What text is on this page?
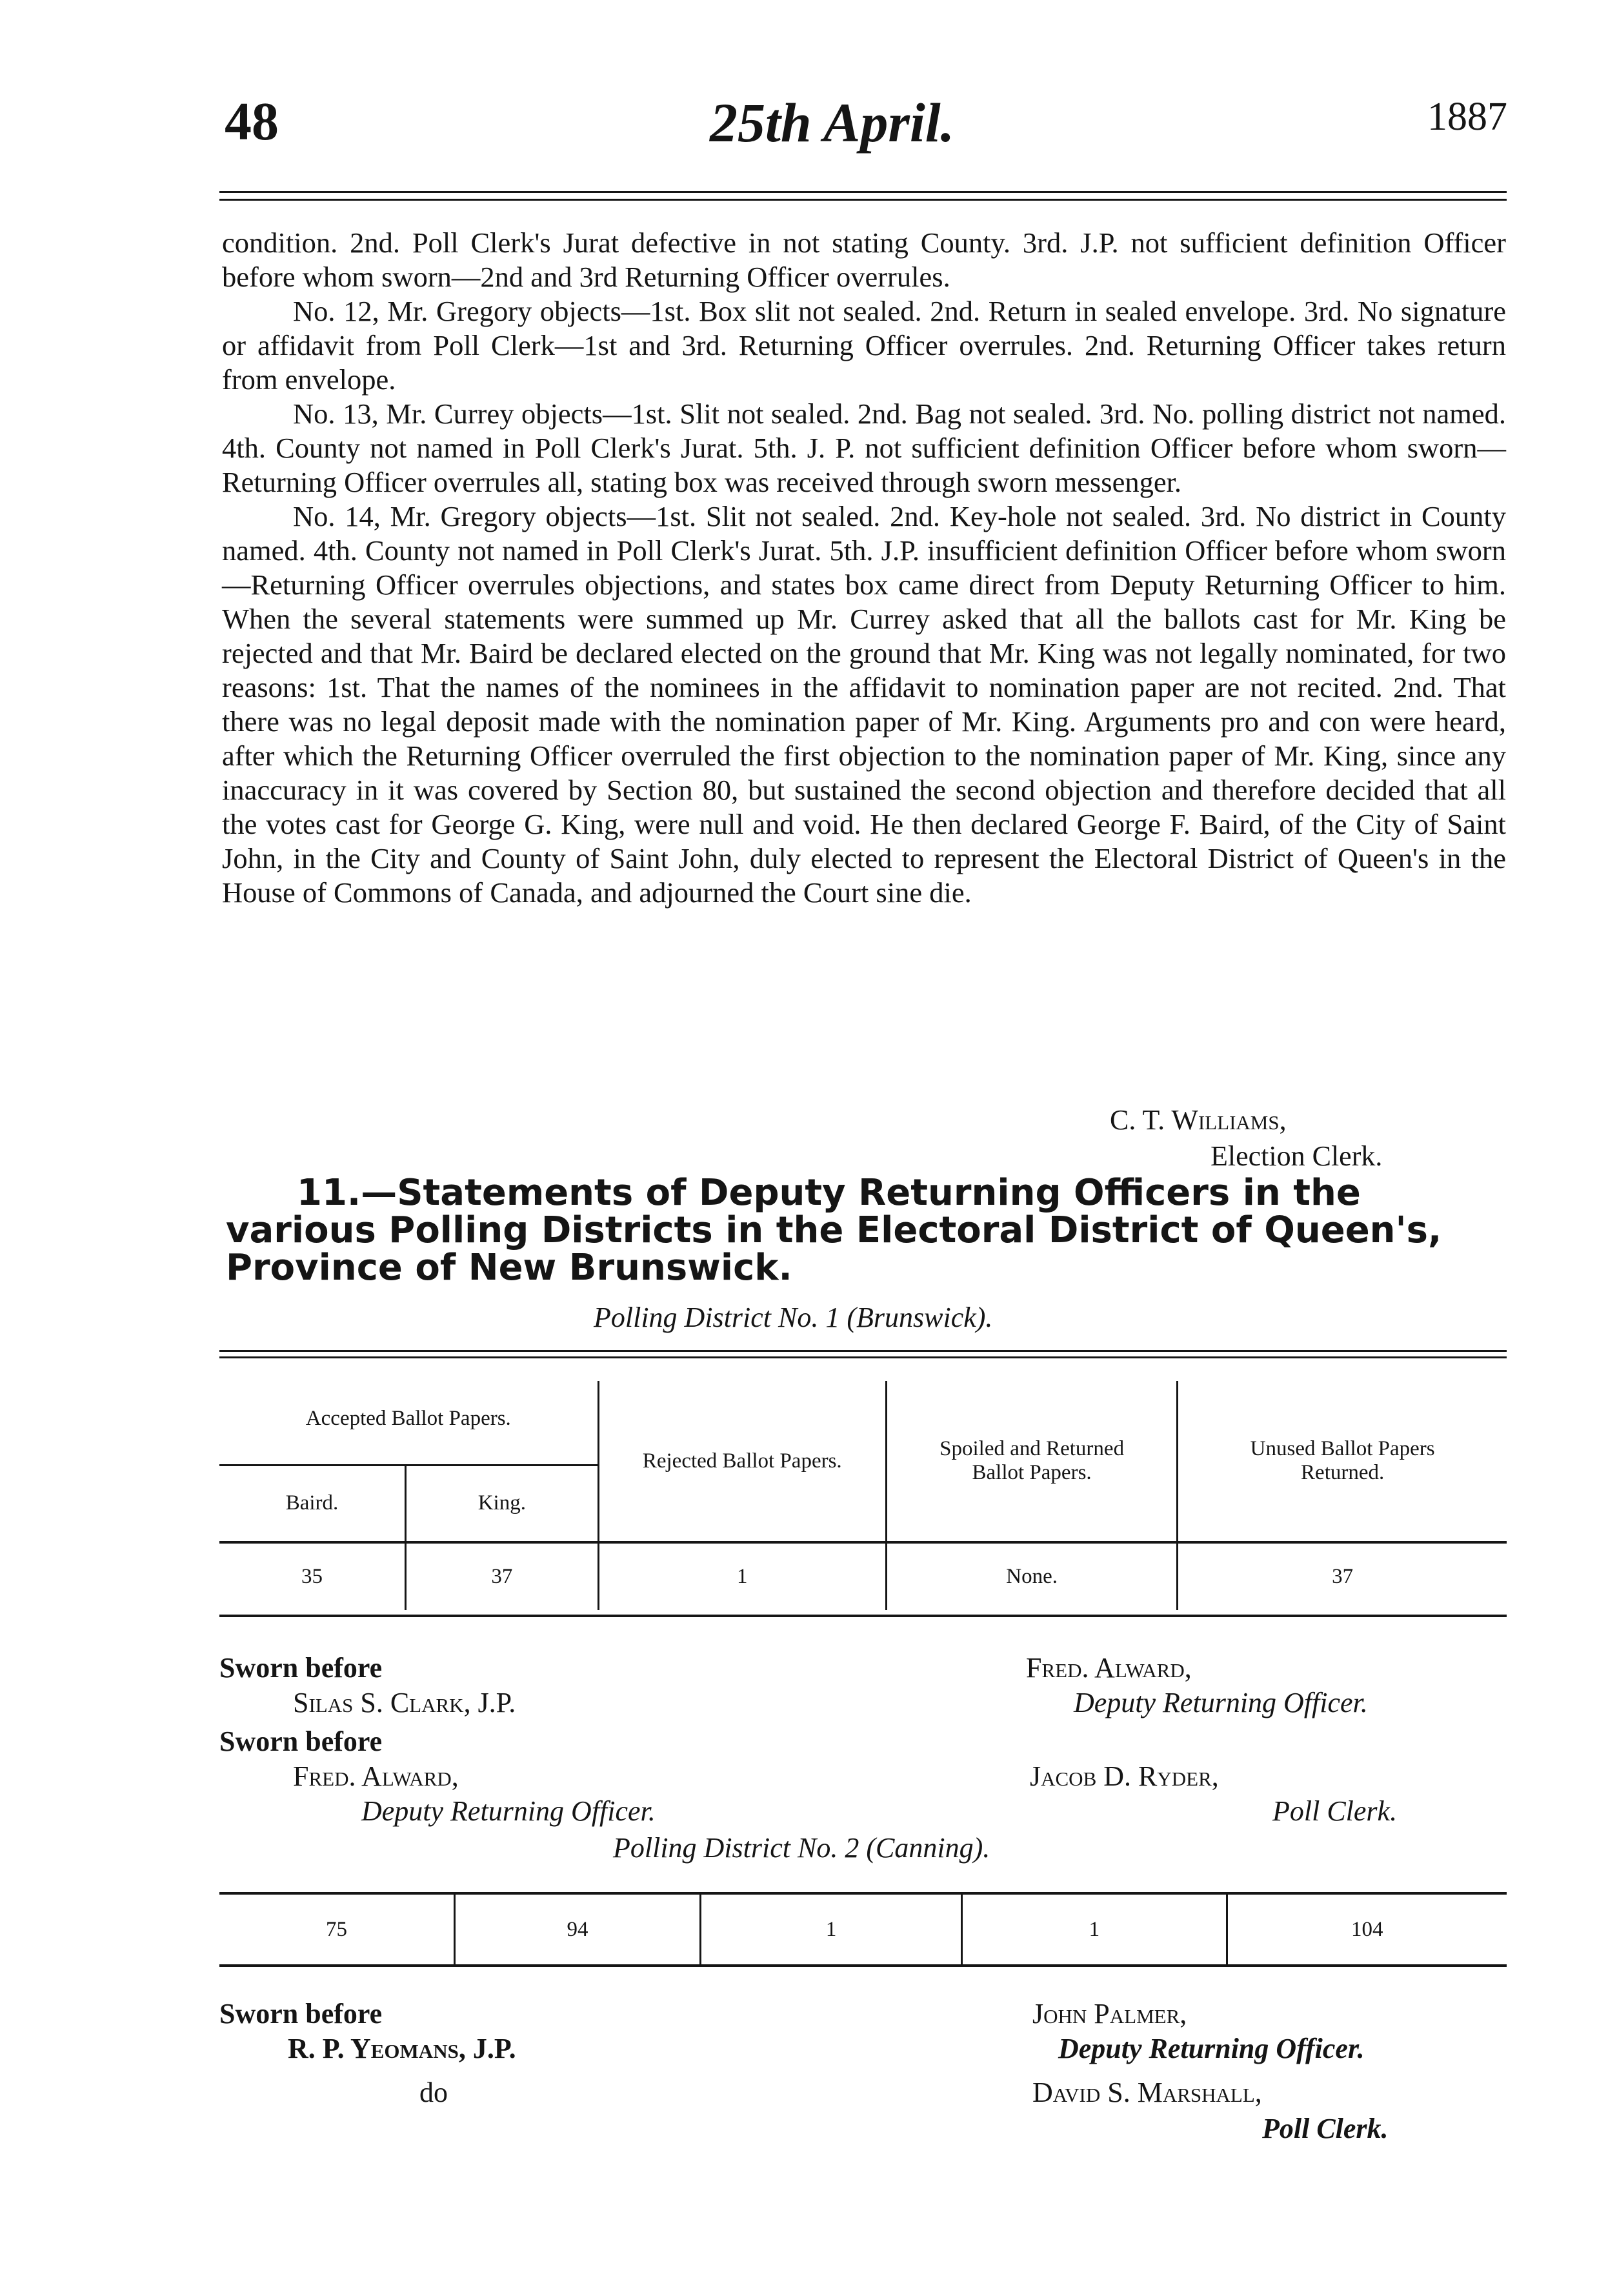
48	25th April.	1887

condition. 2nd. Poll Clerk's Jurat defective in not stating County. 3rd. J.P. not sufficient definition Officer before whom sworn—2nd and 3rd Returning Officer overrules.

No. 12, Mr. Gregory objects—1st. Box slit not sealed. 2nd. Return in sealed envelope. 3rd. No signature or affidavit from Poll Clerk—1st and 3rd. Returning Officer overrules. 2nd. Returning Officer takes return from envelope.

No. 13, Mr. Currey objects—1st. Slit not sealed. 2nd. Bag not sealed. 3rd. No. polling district not named. 4th. County not named in Poll Clerk's Jurat. 5th. J. P. not sufficient definition Officer before whom sworn—Returning Officer overrules all, stating box was received through sworn messenger.

No. 14, Mr. Gregory objects—1st. Slit not sealed. 2nd. Key-hole not sealed. 3rd. No district in County named. 4th. County not named in Poll Clerk's Jurat. 5th. J.P. insufficient definition Officer before whom sworn—Returning Officer overrules objections, and states box came direct from Deputy Returning Officer to him. When the several statements were summed up Mr. Currey asked that all the ballots cast for Mr. King be rejected and that Mr. Baird be declared elected on the ground that Mr. King was not legally nominated, for two reasons: 1st. That the names of the nominees in the affidavit to nomination paper are not recited. 2nd. That there was no legal deposit made with the nomination paper of Mr. King. Arguments pro and con were heard, after which the Returning Officer overruled the first objection to the nomination paper of Mr. King, since any inaccuracy in it was covered by Section 80, but sustained the second objection and therefore decided that all the votes cast for George G. King, were null and void. He then declared George F. Baird, of the City of Saint John, in the City and County of Saint John, duly elected to represent the Electoral District of Queen's in the House of Commons of Canada, and adjourned the Court sine die.

C. T. Williams,
Election Clerk.
11.—Statements of Deputy Returning Officers in the various Polling Districts in the Electoral District of Queen's, Province of New Brunswick.
Polling District No. 1 (Brunswick).
Accepted Ballot Papers.		Rejected Ballot Papers.	Spoiled and Returned Ballot Papers.	Unused Ballot Papers Returned.
Baird.	King.			
35	37	1	None.	37
Sworn before
Silas S. Clark, J.P.
Fred. Alward,
Deputy Returning Officer.
Sworn before
Fred. Alward,
Deputy Returning Officer.
Jacob D. Ryder,
Poll Clerk.
Polling District No. 2 (Canning).
75	94	1	1	104
Sworn before
R. P. Yeomans, J.P.
do
John Palmer,
Deputy Returning Officer.
David S. Marshall,
Poll Clerk.
